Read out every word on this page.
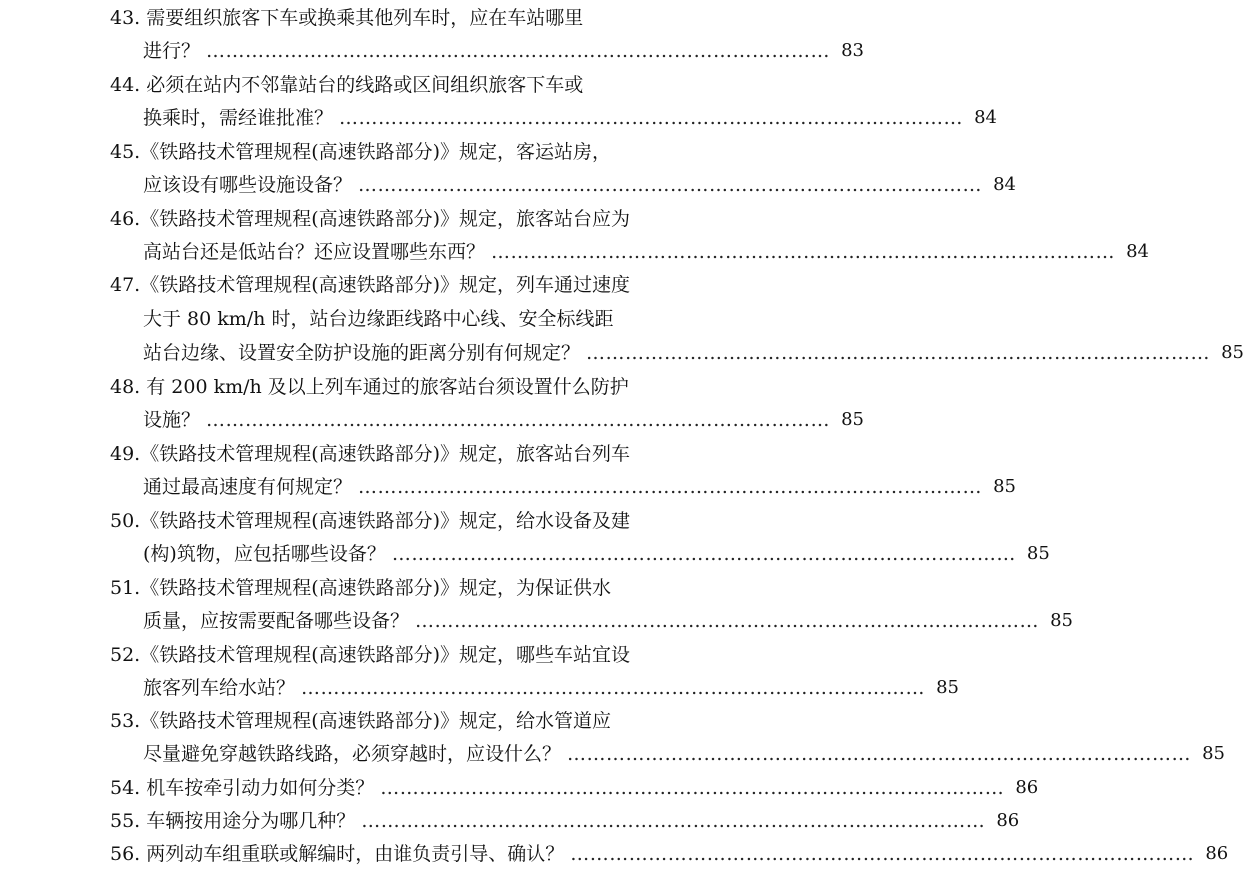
43. 需要组织旅客下车或换乘其他列车时，应在车站哪里
进行？ …………………………………………………………………………………… 83
44. 必须在站内不邻靠站台的线路或区间组织旅客下车或
换乘时，需经谁批准？ …………………………………………………………………………………… 84
45.《铁路技术管理规程(高速铁路部分)》规定，客运站房，
应该设有哪些设施设备？ …………………………………………………………………………………… 84
46.《铁路技术管理规程(高速铁路部分)》规定，旅客站台应为
高站台还是低站台？还应设置哪些东西？ …………………………………………………………………………………… 84
47.《铁路技术管理规程(高速铁路部分)》规定，列车通过速度
大于 80 km/h 时，站台边缘距线路中心线、安全标线距
站台边缘、设置安全防护设施的距离分别有何规定？ …………………………………………………………………………………… 85
48. 有 200 km/h 及以上列车通过的旅客站台须设置什么防护
设施？ …………………………………………………………………………………… 85
49.《铁路技术管理规程(高速铁路部分)》规定，旅客站台列车
通过最高速度有何规定？ …………………………………………………………………………………… 85
50.《铁路技术管理规程(高速铁路部分)》规定，给水设备及建
(构)筑物，应包括哪些设备？ …………………………………………………………………………………… 85
51.《铁路技术管理规程(高速铁路部分)》规定，为保证供水
质量，应按需要配备哪些设备？ …………………………………………………………………………………… 85
52.《铁路技术管理规程(高速铁路部分)》规定，哪些车站宜设
旅客列车给水站？ …………………………………………………………………………………… 85
53.《铁路技术管理规程(高速铁路部分)》规定，给水管道应
尽量避免穿越铁路线路，必须穿越时，应设什么？ …………………………………………………………………………………… 85
54. 机车按牵引动力如何分类？ …………………………………………………………………………………… 86
55. 车辆按用途分为哪几种？ …………………………………………………………………………………… 86
56. 两列动车组重联或解编时，由谁负责引导、确认？ …………………………………………………………………………………… 86
